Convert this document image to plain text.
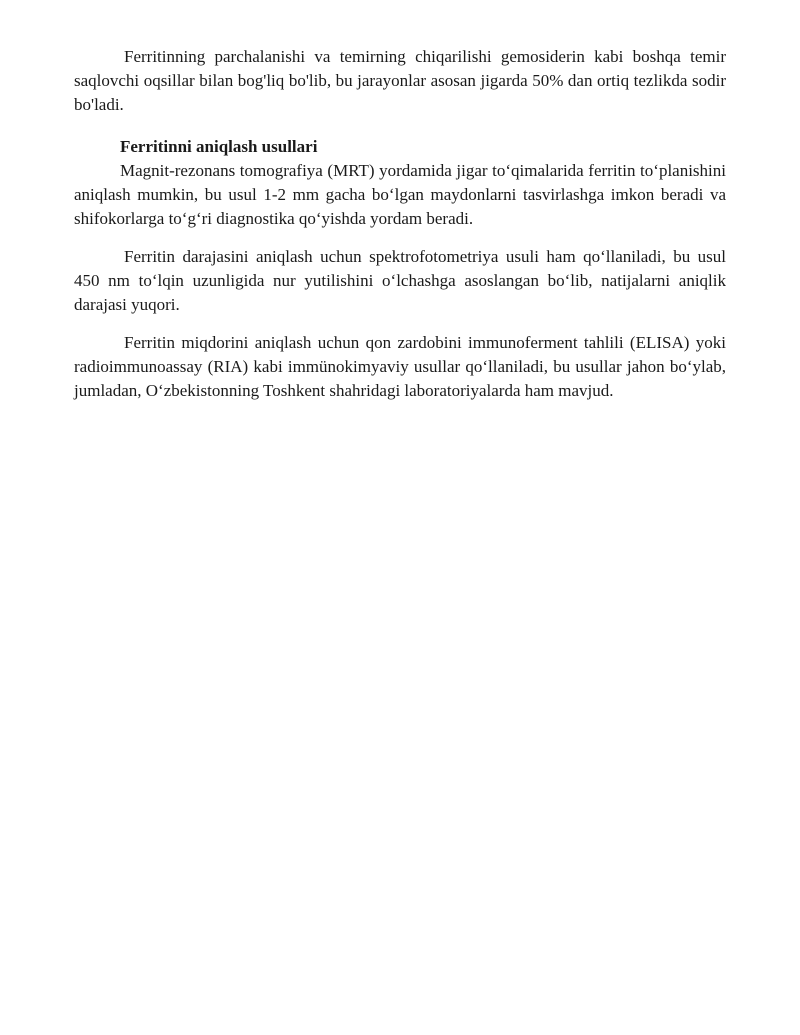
Ferritinning parchalanishi va temirning chiqarilishi gemosiderin kabi boshqa temir saqlovchi oqsillar bilan bog'liq bo'lib, bu jarayonlar asosan jigarda 50% dan ortiq tezlikda sodir bo'ladi.

Ferritinni aniqlash usullari

Magnit-rezonans tomografiya (MRT) yordamida jigar to‘qimalarida ferritin to‘planishini aniqlash mumkin, bu usul 1-2 mm gacha bo‘lgan maydonlarni tasvirlashga imkon beradi va shifokorlarga to‘g‘ri diagnostika qo‘yishda yordam beradi.

Ferritin darajasini aniqlash uchun spektrofotometriya usuli ham qo‘llaniladi, bu usul 450 nm to‘lqin uzunligida nur yutilishini o‘lchashga asoslangan bo‘lib, natijalarni aniqlik darajasi yuqori.

Ferritin miqdorini aniqlash uchun qon zardobini immunoferment tahlili (ELISA) yoki radioimmunoassay (RIA) kabi immünokimyaviy usullar qo‘llaniladi, bu usullar jahon bo‘ylab, jumladan, O‘zbekistonning Toshkent shahridagi laboratoriyalarda ham mavjud.
